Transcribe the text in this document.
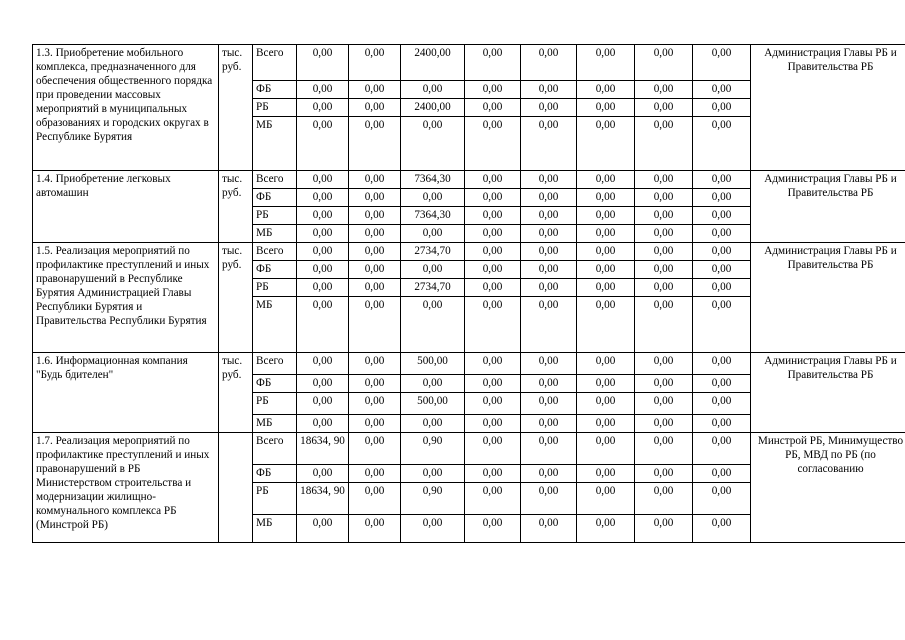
1.3. Приобретение мобильного комплекса, предназначенного для обеспечения общественного порядка при проведении массовых мероприятий в муниципальных образованиях и городских округах в Республике Бурятия	тыс. руб.	Всего	0,00	0,00	2400,00	0,00	0,00	0,00	0,00	0,00	Администрация Главы РБ и Правительства РБ
		ФБ	0,00	0,00	0,00	0,00	0,00	0,00	0,00	0,00	
		РБ	0,00	0,00	2400,00	0,00	0,00	0,00	0,00	0,00	
		МБ	0,00	0,00	0,00	0,00	0,00	0,00	0,00	0,00	
1.4. Приобретение легковых автомашин	тыс. руб.	Всего	0,00	0,00	7364,30	0,00	0,00	0,00	0,00	0,00	Администрация Главы РБ и Правительства РБ
		ФБ	0,00	0,00	0,00	0,00	0,00	0,00	0,00	0,00	
		РБ	0,00	0,00	7364,30	0,00	0,00	0,00	0,00	0,00	
		МБ	0,00	0,00	0,00	0,00	0,00	0,00	0,00	0,00	
1.5. Реализация мероприятий по профилактике преступлений и иных правонарушений в Республике Бурятия Администрацией Главы Республики Бурятия и Правительства Республики Бурятия	тыс. руб.	Всего	0,00	0,00	2734,70	0,00	0,00	0,00	0,00	0,00	Администрация Главы РБ и Правительства РБ
		ФБ	0,00	0,00	0,00	0,00	0,00	0,00	0,00	0,00	
		РБ	0,00	0,00	2734,70	0,00	0,00	0,00	0,00	0,00	
		МБ	0,00	0,00	0,00	0,00	0,00	0,00	0,00	0,00	
1.6. Информационная компания "Будь бдителен"	тыс. руб.	Всего	0,00	0,00	500,00	0,00	0,00	0,00	0,00	0,00	Администрация Главы РБ и Правительства РБ
		ФБ	0,00	0,00	0,00	0,00	0,00	0,00	0,00	0,00	
		РБ	0,00	0,00	500,00	0,00	0,00	0,00	0,00	0,00	
		МБ	0,00	0,00	0,00	0,00	0,00	0,00	0,00	0,00	
1.7. Реализация мероприятий по профилактике преступлений и иных правонарушений в РБ Министерством строительства и модернизации жилищно-коммунального комплекса РБ (Минстрой РБ)		Всего	18634, 90	0,00	0,90	0,00	0,00	0,00	0,00	0,00	Минстрой РБ, Минимущество РБ, МВД по РБ (по согласованию
		ФБ	0,00	0,00	0,00	0,00	0,00	0,00	0,00	0,00	
		РБ	18634, 90	0,00	0,90	0,00	0,00	0,00	0,00	0,00	
		МБ	0,00	0,00	0,00	0,00	0,00	0,00	0,00	0,00	
